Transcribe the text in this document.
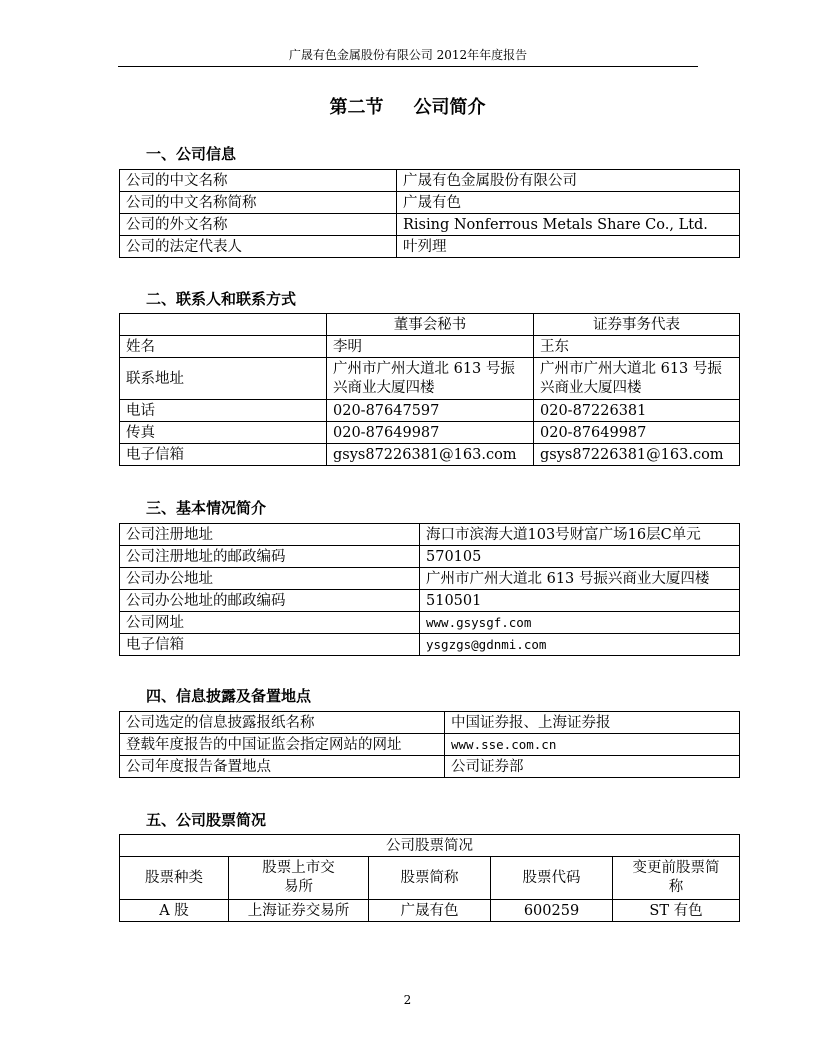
广晟有色金属股份有限公司 2012年年度报告
第二节 公司简介
一、公司信息
公司的中文名称	广晟有色金属股份有限公司
公司的中文名称简称	广晟有色
公司的外文名称	Rising Nonferrous Metals Share Co., Ltd.
公司的法定代表人	叶列理
二、联系人和联系方式
	董事会秘书	证券事务代表
姓名	李明	王东
联系地址	广州市广州大道北 613 号振兴商业大厦四楼	广州市广州大道北 613 号振兴商业大厦四楼
电话	020-87647597	020-87226381
传真	020-87649987	020-87649987
电子信箱	gsys87226381@163.com	gsys87226381@163.com
三、基本情况简介
公司注册地址	海口市滨海大道103号财富广场16层C单元
公司注册地址的邮政编码	570105
公司办公地址	广州市广州大道北 613 号振兴商业大厦四楼
公司办公地址的邮政编码	510501
公司网址	www.gsysgf.com
电子信箱	ysgzgs@gdnmi.com
四、信息披露及备置地点
公司选定的信息披露报纸名称	中国证券报、上海证券报
登载年度报告的中国证监会指定网站的网址	www.sse.com.cn
公司年度报告备置地点	公司证券部
五、公司股票简况
公司股票简况				
股票种类	股票上市交易所	股票简称	股票代码	变更前股票简称
A 股	上海证券交易所	广晟有色	600259	ST 有色
2
